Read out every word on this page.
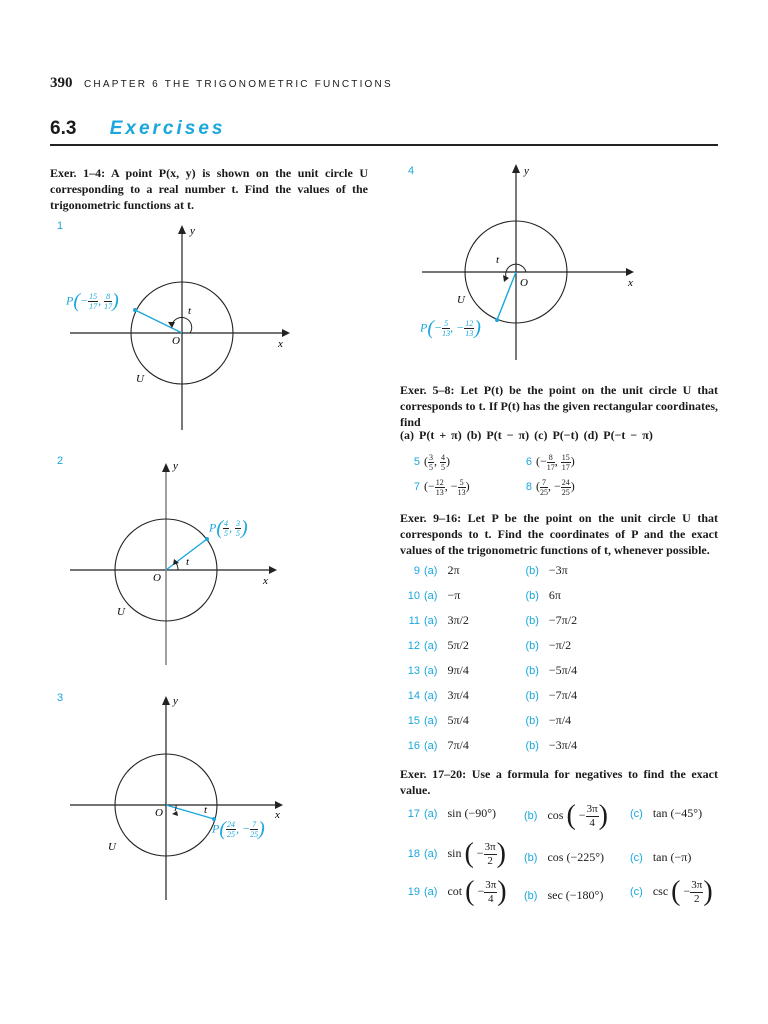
390 CHAPTER 6 THE TRIGONOMETRIC FUNCTIONS
6.3 Exercises
Exer. 1–4: A point P(x, y) is shown on the unit circle U corresponding to a real number t. Find the values of the trigonometric functions at t.
1	y
x
O
t
U
$P(- \frac{15}{17}$ , $\frac{8}{17}$ )
2	y
x
O
t
U
$P( \frac{4}{5}$ , $\frac{3}{5}$ )
3	y
x
O	t
U
$P( \frac{24}{25}$ , − $\frac{7}{25}$ )
4	y
x
O
t
U
$P(- \frac{5}{13}$ , − $\frac{12}{13}$ )
Exer. 5–8: Let P(t) be the point on the unit circle U that corresponds to t. If P(t) has the given rectangular coordinates, find
(a) P(t + π) (b) P(t − π) (c) P(−t) (d) P(−t − π)
5 ( $\frac{3}{5}$ , $\frac{4}{5}$ )	6 (− $\frac{8}{17}$ , $\frac{15}{17}$ )
7 (− $\frac{12}{13}$ , − $\frac{5}{13}$ )	8 ( $\frac{7}{25}$ , − $\frac{24}{25}$ )
Exer. 9–16: Let P be the point on the unit circle U that corresponds to t. Find the coordinates of P and the exact values of the trigonometric functions of t, whenever possible.
9 (a) 2π	(b) −3π
10 (a) −π	(b) 6π
11 (a) 3π/2	(b) −7π/2
12 (a) 5π/2	(b) −π/2
13 (a) 9π/4	(b) −5π/4
14 (a) 3π/4	(b) −7π/4
15 (a) 5π/4	(b) −π/4
16 (a) 7π/4	(b) −3π/4
Exer. 17–20: Use a formula for negatives to find the exact value.
17 (a) sin (−90°)	(b) cos ( − $\frac{3\pi}{4}$ ) (c) tan (−45°)
18 (a) sin ( − $\frac{3\pi}{2}$ ) (b) cos (−225°) (c) tan (−π)
19 (a) cot ( − $\frac{3\pi}{4}$ ) (b) sec (−180°) (c) csc ( − $\frac{3\pi}{2}$ )
